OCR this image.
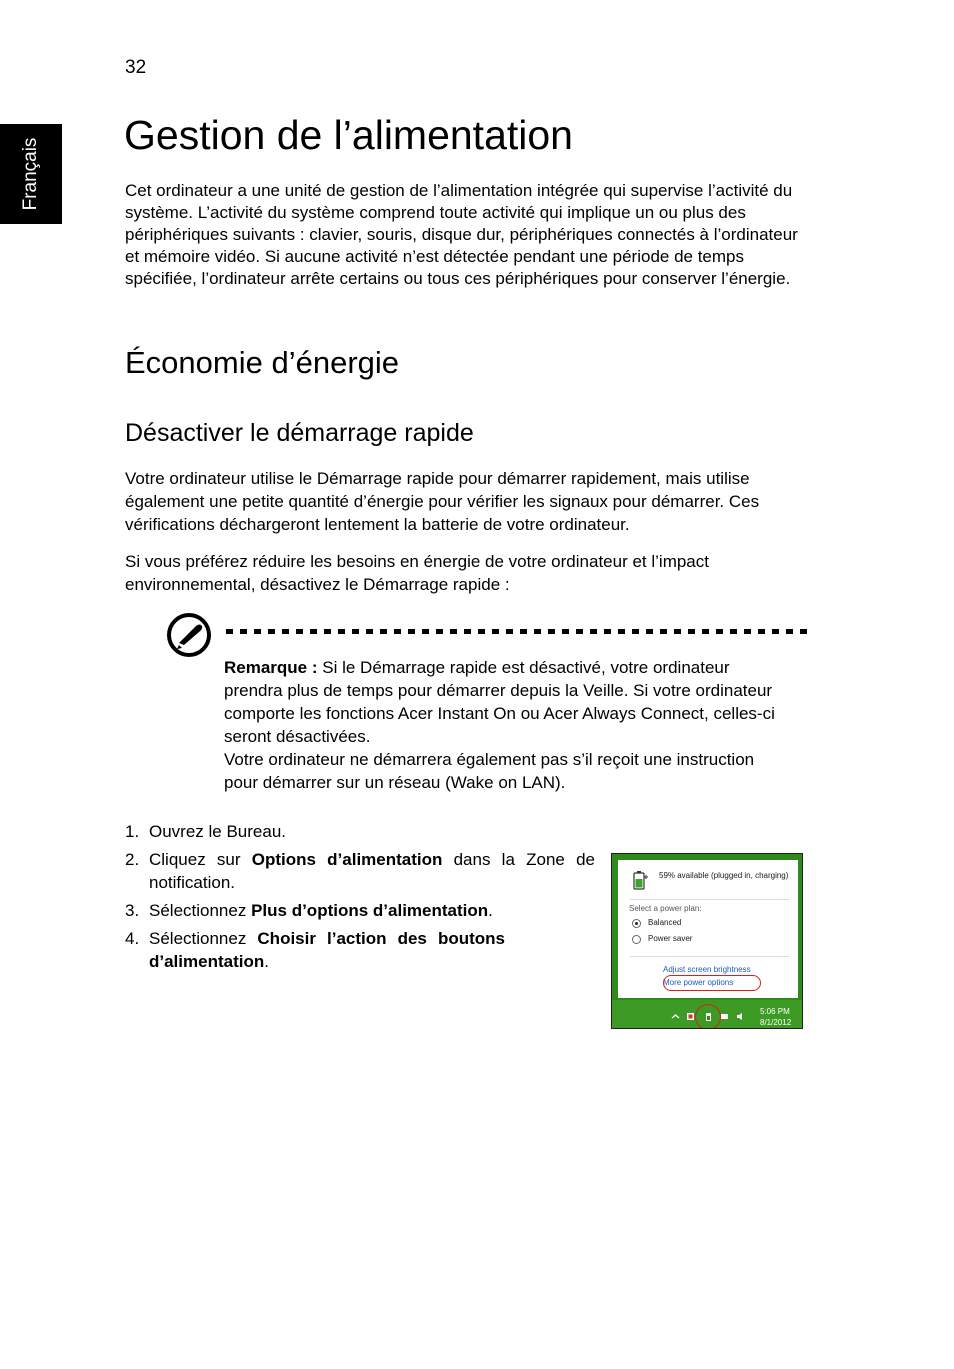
32
Français
Gestion de l’alimentation

Cet ordinateur a une unité de gestion de l’alimentation intégrée qui supervise l’activité du système. L’activité du système comprend toute activité qui implique un ou plus des périphériques suivants : clavier, souris, disque dur, périphériques connectés à l’ordinateur et mémoire vidéo. Si aucune activité n’est détectée pendant une période de temps spécifiée, l’ordinateur arrête certains ou tous ces périphériques pour conserver l’énergie.

Économie d’énergie
Désactiver le démarrage rapide

Votre ordinateur utilise le Démarrage rapide pour démarrer rapidement, mais utilise également une petite quantité d’énergie pour vérifier les signaux pour démarrer. Ces vérifications déchargeront lentement la batterie de votre ordinateur.

Si vous préférez réduire les besoins en énergie de votre ordinateur et l’impact environnemental, désactivez le Démarrage rapide :

Remarque : Si le Démarrage rapide est désactivé, votre ordinateur prendra plus de temps pour démarrer depuis la Veille. Si votre ordinateur comporte les fonctions Acer Instant On ou Acer Always Connect, celles-ci seront désactivées.
Votre ordinateur ne démarrera également pas s’il reçoit une instruction pour démarrer sur un réseau (Wake on LAN).
1. Ouvrez le Bureau.
2. Cliquez sur Options d’alimentation dans la Zone de notification.
3. Sélectionnez Plus d’options d’alimentation.
4. Sélectionnez Choisir l’action des boutons d’alimentation.
59% available (plugged in, charging)
Select a power plan:
Balanced
Power saver
Adjust screen brightness
More power options
5:06 PM
8/1/2012
